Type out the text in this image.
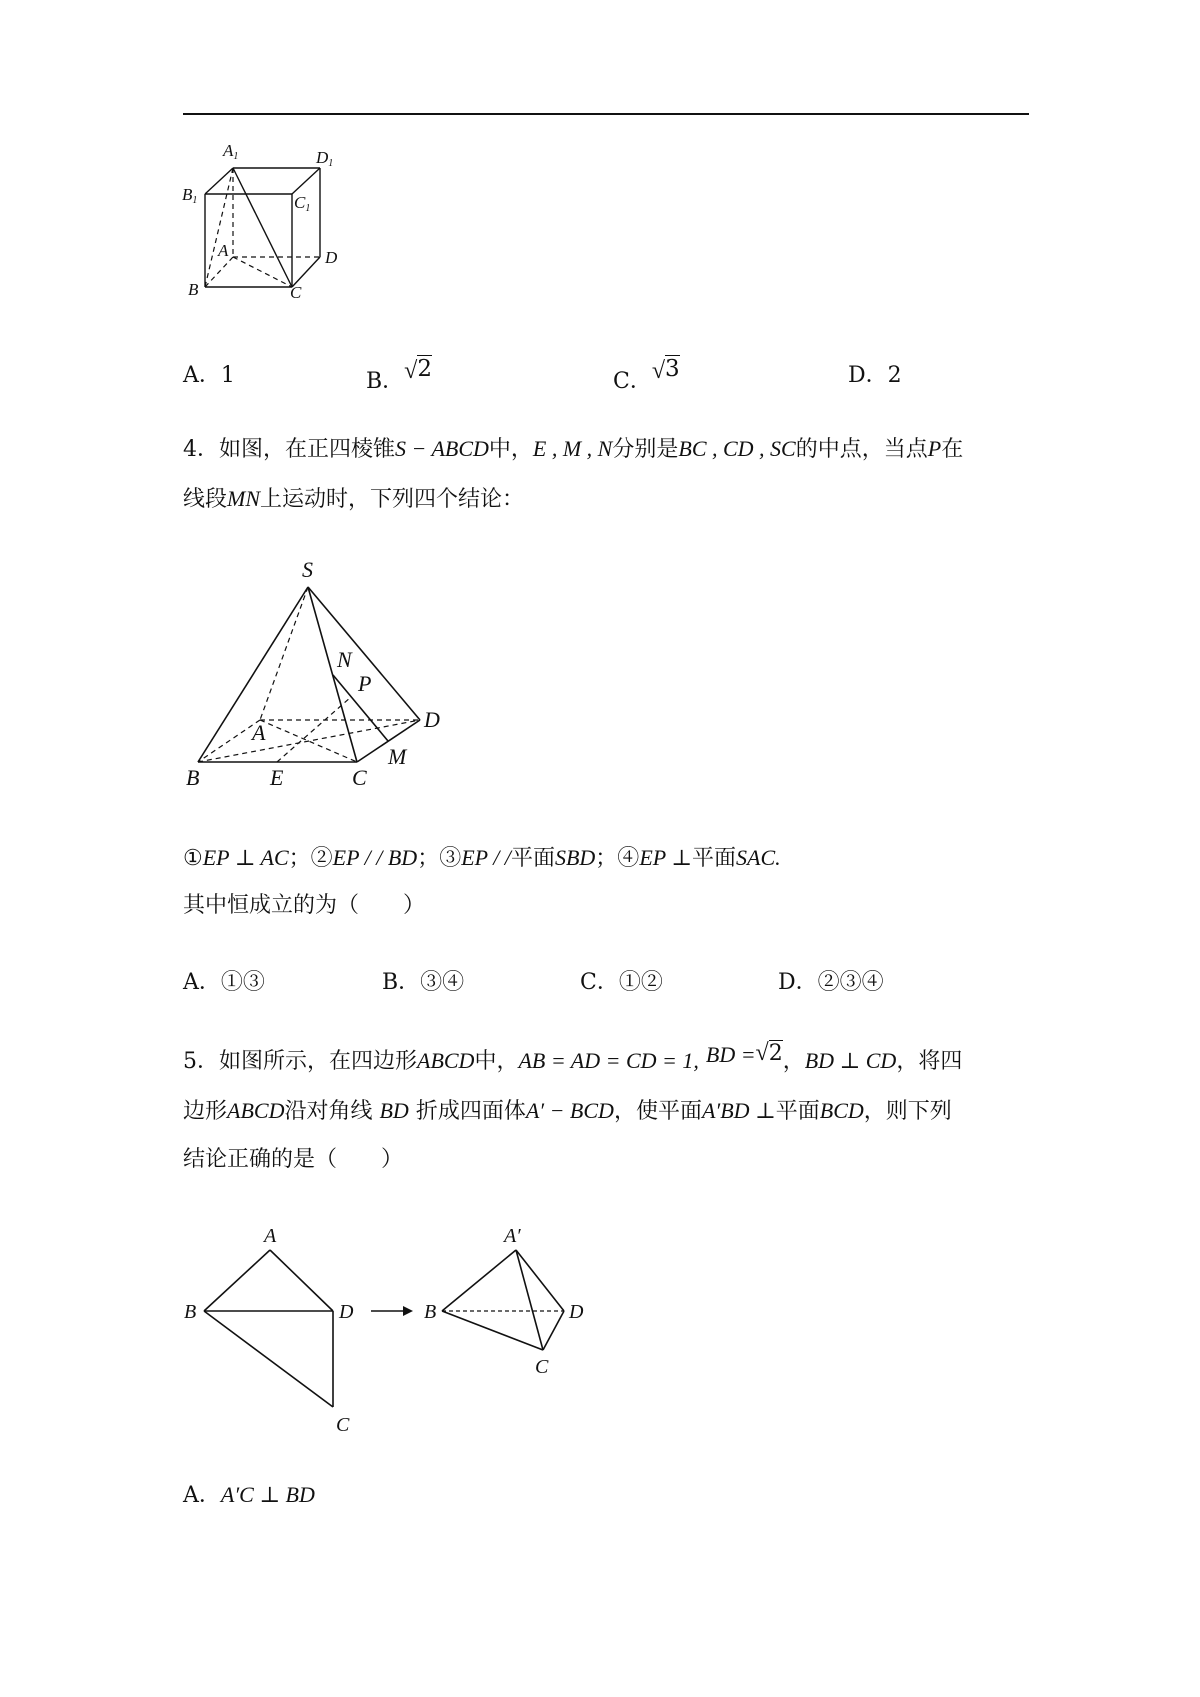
A1	D1
B1	C1
A	D
B	C
A．1	B．√2	C．√3	D．2
4．如图，在正四棱锥S − ABCD中，E , M , N分别是BC , CD , SC的中点，当点P在
线段MN上运动时，下列四个结论：
S
N
P
D
A
M
B	E	C
①EP ⊥ AC；②EP / / BD；③EP / /平面SBD；④EP ⊥平面SAC.
其中恒成立的为（　　）
A．①③	B．③④	C．①②	D．②③④
5．如图所示，在四边形ABCD中，AB = AD = CD = 1, BD =√2，BD ⊥ CD，将四
边形ABCD沿对角线 BD 折成四面体A′ − BCD，使平面A′BD ⊥平面BCD，则下列
结论正确的是（　　）
A
B	D
C
A′
B	D
C
A．A′C ⊥ BD
